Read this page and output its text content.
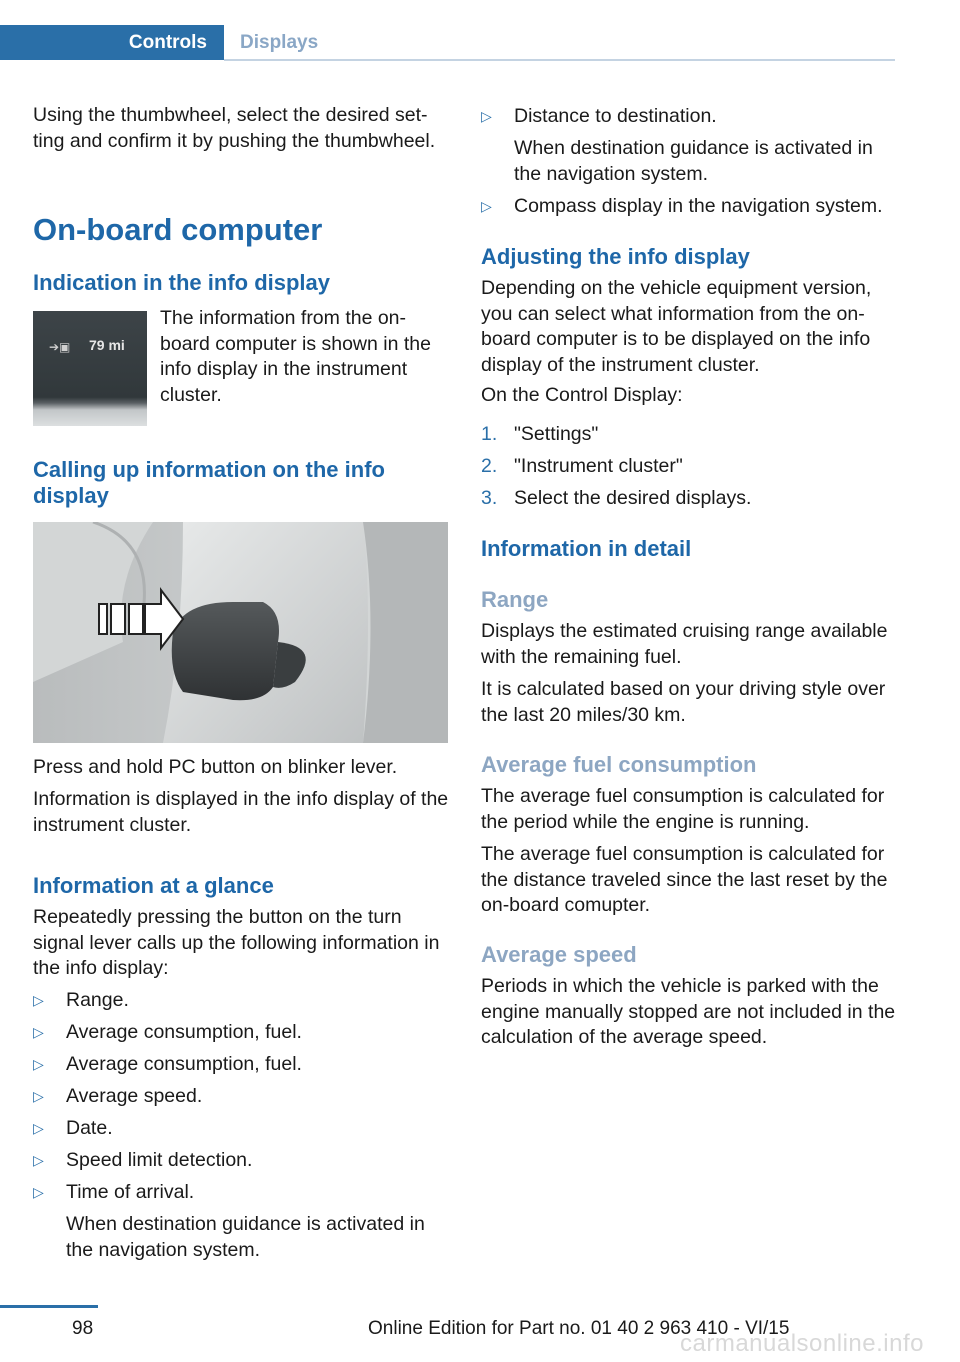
Controls	Displays

Using the thumbwheel, select the desired set‐ting and confirm it by pushing the thumbwheel.

On-board computer
Indication in the info display
➔▣ 79 mi

The information from the on-board computer is shown in the info display in the instrument cluster.

Calling up information on the info display

Press and hold PC button on blinker lever.

Information is displayed in the info display of the instrument cluster.

Information at a glance

Repeatedly pressing the button on the turn signal lever calls up the following information in the info display:

▷	Range.
▷	Average consumption, fuel.
▷	Average consumption, fuel.
▷	Average speed.
▷	Date.
▷	Speed limit detection.
▷	Time of arrival.

When destination guidance is activated in the navigation system.

▷	Distance to destination.

When destination guidance is activated in the navigation system.

▷	Compass display in the navigation system.
Adjusting the info display

Depending on the vehicle equipment version, you can select what information from the on-board computer is to be displayed on the info display of the instrument cluster.

On the Control Display:

1. "Settings"
2. "Instrument cluster"
3. Select the desired displays.
Information in detail
Range

Displays the estimated cruising range available with the remaining fuel.

It is calculated based on your driving style over the last 20 miles/30 km.

Average fuel consumption

The average fuel consumption is calculated for the period while the engine is running.

The average fuel consumption is calculated for the distance traveled since the last reset by the on-board comupter.

Average speed

Periods in which the vehicle is parked with the engine manually stopped are not included in the calculation of the average speed.

98	Online Edition for Part no. 01 40 2 963 410 - VI/15
carmanualsonline.info
